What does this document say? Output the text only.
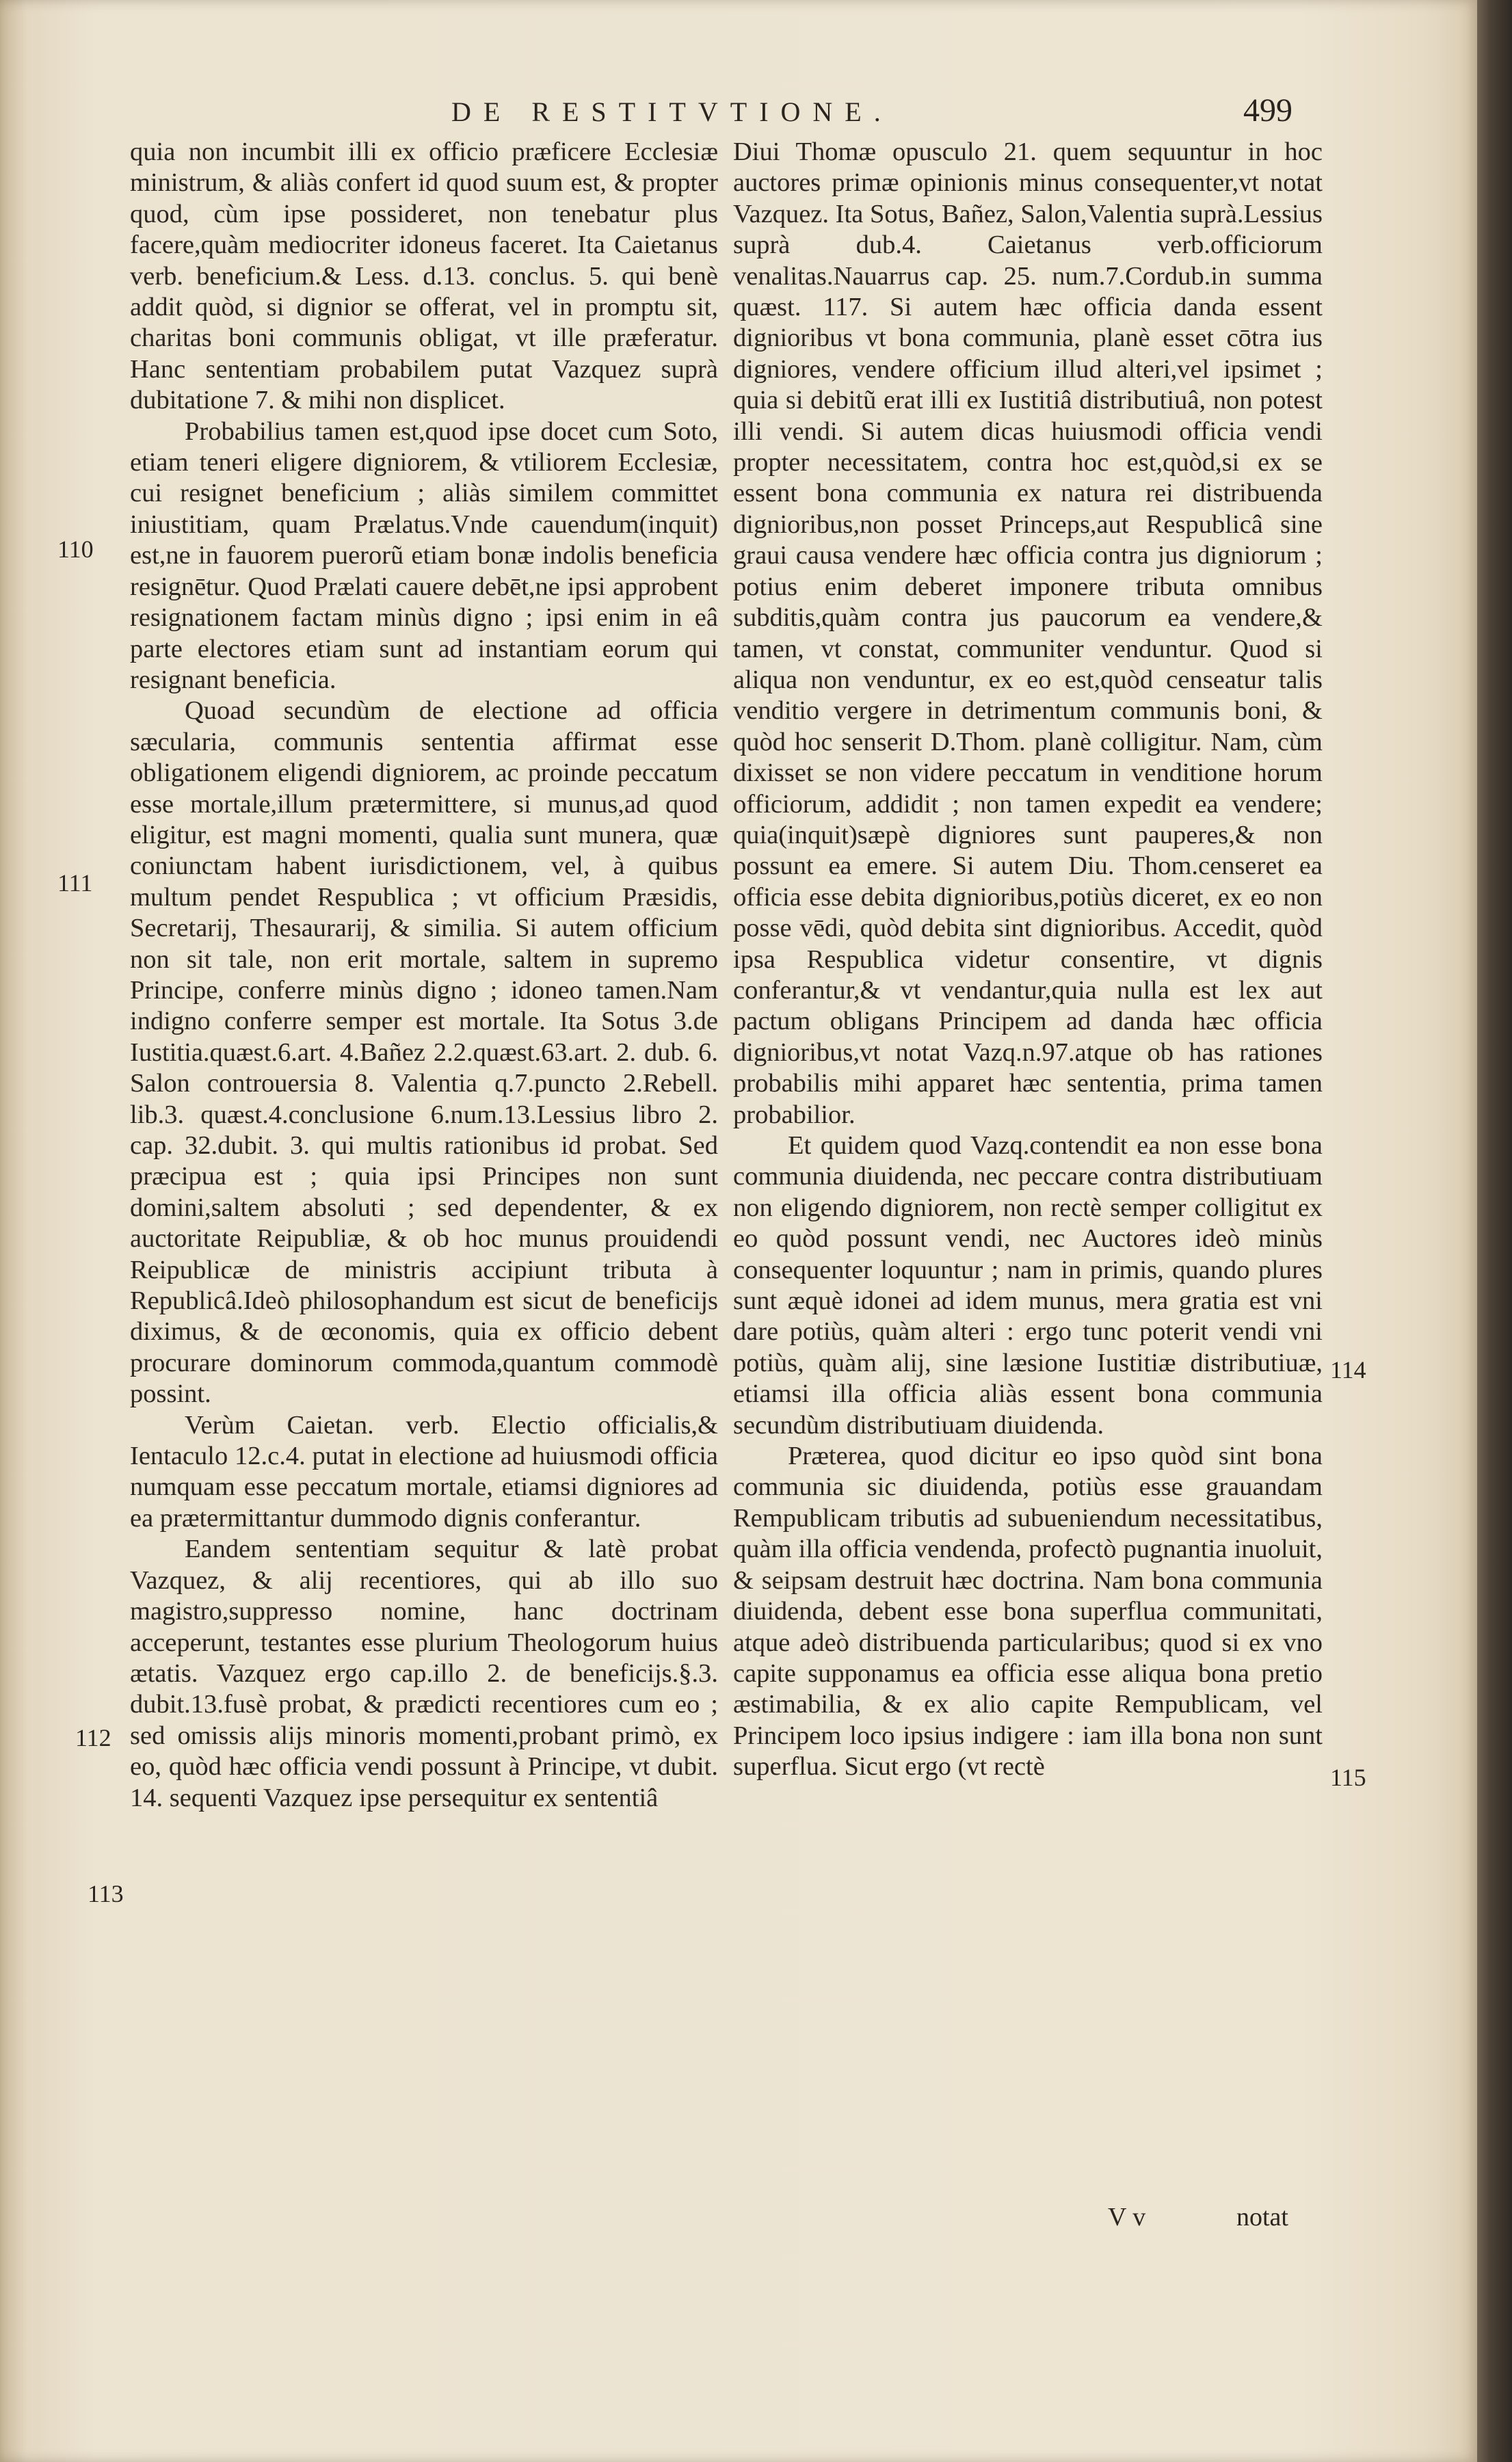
DE RESTITVTIONE.	499
110
111
112
113
114
115

quia non incumbit illi ex officio præficere Ecclesiæ ministrum, & aliàs confert id quod suum est, & propter quod, cùm ipse possideret, non tenebatur plus facere,quàm mediocriter idoneus faceret. Ita Caietanus verb. beneficium.& Less. d.13. conclus. 5. qui benè addit quòd, si dignior se offerat, vel in promptu sit, charitas boni communis obligat, vt ille præferatur. Hanc sententiam probabilem putat Vazquez suprà dubitatione 7. & mihi non displicet.

Probabilius tamen est,quod ipse docet cum Soto, etiam teneri eligere digniorem, & vtiliorem Ecclesiæ, cui resignet beneficium ; aliàs similem committet iniustitiam, quam Prælatus.Vnde cauendum(inquit) est,ne in fauorem puerorũ etiam bonæ indolis beneficia resignētur. Quod Prælati cauere debēt,ne ipsi approbent resignationem factam minùs digno ; ipsi enim in eâ parte electores etiam sunt ad instantiam eorum qui resignant beneficia.

Quoad secundùm de electione ad officia sæcularia, communis sententia affirmat esse obligationem eligendi digniorem, ac proinde peccatum esse mortale,illum prætermittere, si munus,ad quod eligitur, est magni momenti, qualia sunt munera, quæ coniunctam habent iurisdictionem, vel, à quibus multum pendet Respublica ; vt officium Præsidis, Secretarij, Thesaurarij, & similia. Si autem officium non sit tale, non erit mortale, saltem in supremo Principe, conferre minùs digno ; idoneo tamen.Nam indigno conferre semper est mortale. Ita Sotus 3.de Iustitia.quæst.6.art. 4.Bañez 2.2.quæst.63.art. 2. dub. 6. Salon controuersia 8. Valentia q.7.puncto 2.Rebell. lib.3. quæst.4.conclusione 6.num.13.Lessius libro 2. cap. 32.dubit. 3. qui multis rationibus id probat. Sed præcipua est ; quia ipsi Principes non sunt domini,saltem absoluti ; sed dependenter, & ex auctoritate Reipubliæ, & ob hoc munus prouidendi Reipublicæ de ministris accipiunt tributa à Republicâ.Ideò philosophandum est sicut de beneficijs diximus, & de œconomis, quia ex officio debent procurare dominorum commoda,quantum commodè possint.

Verùm Caietan. verb. Electio officialis,& Ientaculo 12.c.4. putat in electione ad huiusmodi officia numquam esse peccatum mortale, etiamsi digniores ad ea prætermittantur dummodo dignis conferantur.

Eandem sententiam sequitur & latè probat Vazquez, & alij recentiores, qui ab illo suo magistro,suppresso nomine, hanc doctrinam acceperunt, testantes esse plurium Theologorum huius ætatis. Vazquez ergo cap.illo 2. de beneficijs.§.3. dubit.13.fusè probat, & prædicti recentiores cum eo ; sed omissis alijs minoris momenti,probant primò, ex eo, quòd hæc officia vendi possunt à Principe, vt dubit. 14. sequenti Vazquez ipse persequitur ex sententiâ

Diui Thomæ opusculo 21. quem sequuntur in hoc auctores primæ opinionis minus consequenter,vt notat Vazquez. Ita Sotus, Bañez, Salon,Valentia suprà.Lessius suprà dub.4. Caietanus verb.officiorum venalitas.Nauarrus cap. 25. num.7.Cordub.in summa quæst. 117. Si autem hæc officia danda essent dignioribus vt bona communia, planè esset cōtra ius digniores, vendere officium illud alteri,vel ipsimet ; quia si debitũ erat illi ex Iustitiâ distributiuâ, non potest illi vendi. Si autem dicas huiusmodi officia vendi propter necessitatem, contra hoc est,quòd,si ex se essent bona communia ex natura rei distribuenda dignioribus,non posset Princeps,aut Respublicâ sine graui causa vendere hæc officia contra jus digniorum ; potius enim deberet imponere tributa omnibus subditis,quàm contra jus paucorum ea vendere,& tamen, vt constat, communiter venduntur. Quod si aliqua non venduntur, ex eo est,quòd censeatur talis venditio vergere in detrimentum communis boni, & quòd hoc senserit D.Thom. planè colligitur. Nam, cùm dixisset se non videre peccatum in venditione horum officiorum, addidit ; non tamen expedit ea vendere; quia(inquit)sæpè digniores sunt pauperes,& non possunt ea emere. Si autem Diu. Thom.censeret ea officia esse debita dignioribus,potiùs diceret, ex eo non posse vēdi, quòd debita sint dignioribus. Accedit, quòd ipsa Respublica videtur consentire, vt dignis conferantur,& vt vendantur,quia nulla est lex aut pactum obligans Principem ad danda hæc officia dignioribus,vt notat Vazq.n.97.atque ob has rationes probabilis mihi apparet hæc sententia, prima tamen probabilior.

Et quidem quod Vazq.contendit ea non esse bona communia diuidenda, nec peccare contra distributiuam non eligendo digniorem, non rectè semper colligitut ex eo quòd possunt vendi, nec Auctores ideò minùs consequenter loquuntur ; nam in primis, quando plures sunt æquè idonei ad idem munus, mera gratia est vni dare potiùs, quàm alteri : ergo tunc poterit vendi vni potiùs, quàm alij, sine læsione Iustitiæ distributiuæ, etiamsi illa officia aliàs essent bona communia secundùm distributiuam diuidenda.

Præterea, quod dicitur eo ipso quòd sint bona communia sic diuidenda, potiùs esse grauandam Rempublicam tributis ad subueniendum necessitatibus, quàm illa officia vendenda, profectò pugnantia inuoluit, & seipsam destruit hæc doctrina. Nam bona communia diuidenda, debent esse bona superflua communitati, atque adeò distribuenda particularibus; quod si ex vno capite supponamus ea officia esse aliqua bona pretio æstimabilia, & ex alio capite Rempublicam, vel Principem loco ipsius indigere : iam illa bona non sunt superflua. Sicut ergo (vt rectè

V v	notat
